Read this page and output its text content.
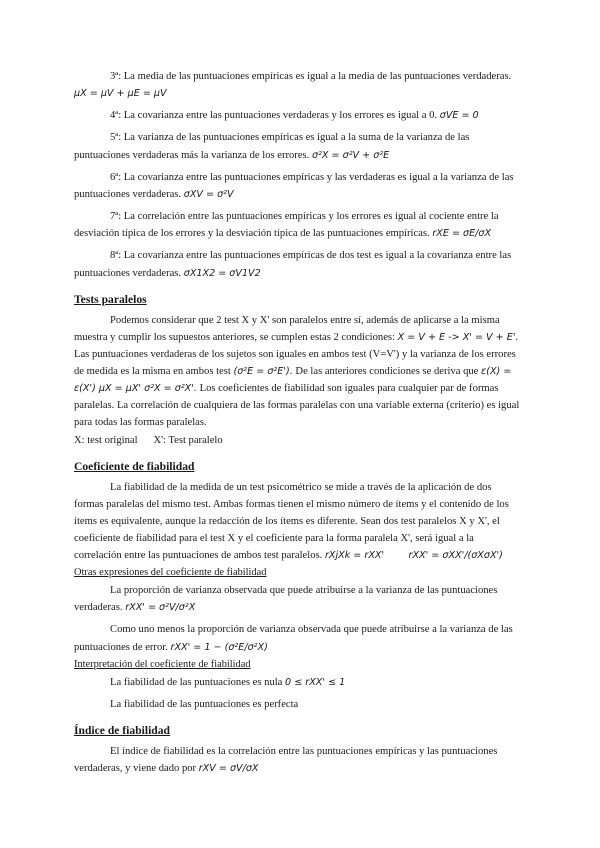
3ª: La media de las puntuaciones empíricas es igual a la media de las puntuaciones verdaderas. μX = μV + μE = μV

4ª: La covarianza entre las puntuaciones verdaderas y los errores es igual a 0. σVE = 0

5ª: La varianza de las puntuaciones empíricas es igual a la suma de la varianza de las puntuaciones verdaderas más la varianza de los errores. σ²X = σ²V + σ²E

6ª: La covarianza entre las puntuaciones empíricas y las verdaderas es igual a la varianza de las puntuaciones verdaderas. σXV = σ²V

7ª: La correlación entre las puntuaciones empíricas y los errores es igual al cociente entre la desviación típica de los errores y la desviación típica de las puntuaciones empíricas. rXE = σE/σX

8ª: La covarianza entre las puntuaciones empíricas de dos test es igual a la covarianza entre las puntuaciones verdaderas. σX1X2 = σV1V2

Tests paralelos

Podemos considerar que 2 test X y X' son paralelos entre sí, además de aplicarse a la misma muestra y cumplir los supuestos anteriores, se cumplen estas 2 condiciones: X = V + E -> X' = V + E'. Las puntuaciones verdaderas de los sujetos son iguales en ambos test (V=V') y la varianza de los errores de medida es la misma en ambos test (σ²E = σ²E'). De las anteriores condiciones se deriva que ε(X) = ε(X') μX = μX' σ²X = σ²X'. Los coeficientes de fiabilidad son iguales para cualquier par de formas paralelas. La correlación de cualquiera de las formas paralelas con una variable externa (criterio) es igual para todas las formas paralelas.

X: test original      X': Test paralelo

Coeficiente de fiabilidad

La fiabilidad de la medida de un test psicométrico se mide a través de la aplicación de dos formas paralelas del mismo test. Ambas formas tienen el mismo número de ítems y el contenido de los ítems es equivalente, aunque la redacción de los ítems es diferente. Sean dos test paralelos X y X', el coeficiente de fiabilidad para el test X y el coeficiente para la forma paralela X', será igual a la correlación entre las puntuaciones de ambos test paralelos. rXjXk = rXX'        rXX' = σXX'/(σXσX')

Otras expresiones del coeficiente de fiabilidad

La proporción de varianza observada que puede atribuirse a la varianza de las puntuaciones verdaderas. rXX' = σ²V/σ²X

Como uno menos la proporción de varianza observada que puede atribuirse a la varianza de las puntuaciones de error. rXX' = 1 − (σ²E/σ²X)

Interpretación del coeficiente de fiabilidad

La fiabilidad de las puntuaciones es nula 0 ≤ rXX' ≤ 1

La fiabilidad de las puntuaciones es perfecta

Índice de fiabilidad

El índice de fiabilidad es la correlación entre las puntuaciones empíricas y las puntuaciones verdaderas, y viene dado por rXV = σV/σX
